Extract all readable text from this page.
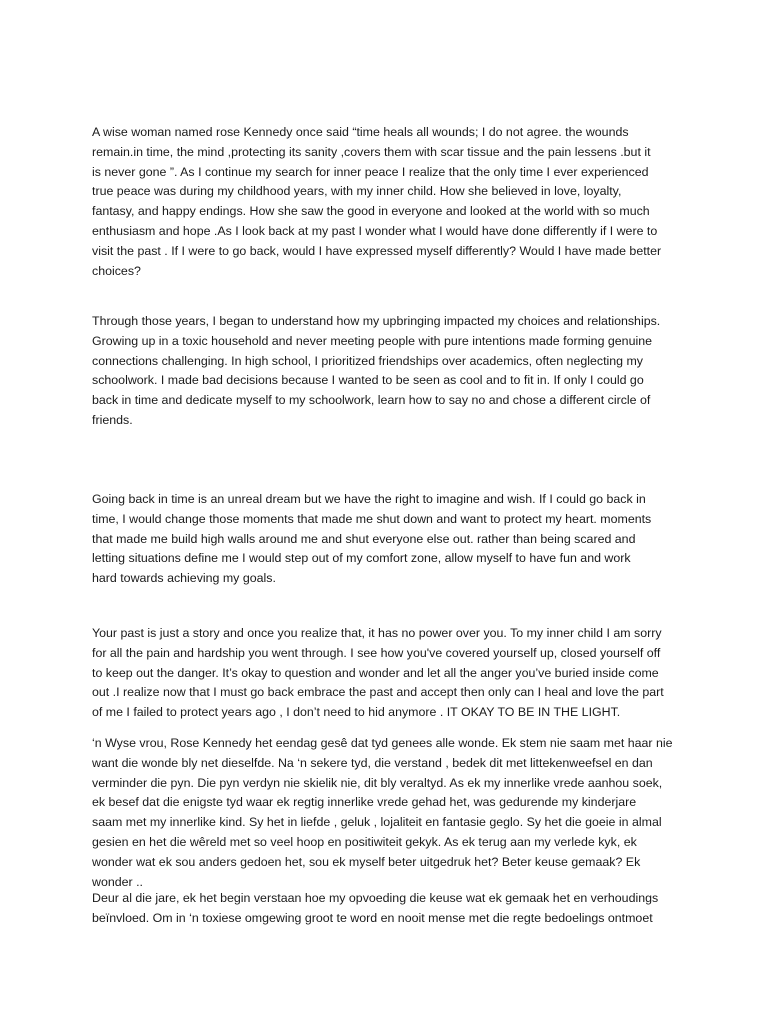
A wise woman named rose Kennedy once said “time heals all wounds; I do not agree. the wounds
remain.in time, the mind ,protecting its sanity ,covers them with scar tissue and the pain lessens .but it
is never gone ”. As I continue my search for inner peace I realize that the only time I ever experienced
true peace was during my childhood years, with my inner child. How she believed in love, loyalty,
fantasy, and happy endings. How she saw the good in everyone and looked at the world with so much
enthusiasm and hope .As I look back at my past I wonder what I would have done differently if I were to
visit the past . If I were to go back, would I have expressed myself differently? Would I have made better
choices?
Through those years, I began to understand how my upbringing impacted my choices and relationships.
Growing up in a toxic household and never meeting people with pure intentions made forming genuine
connections challenging. In high school, I prioritized friendships over academics, often neglecting my
schoolwork. I made bad decisions because I wanted to be seen as cool and to fit in. If only I could go
back in time and dedicate myself to my schoolwork, learn how to say no and chose a different circle of
friends.
Going back in time is an unreal dream but we have the right to imagine and wish. If I could go back in
time, I would change those moments that made me shut down and want to protect my heart. moments
that made me build high walls around me and shut everyone else out. rather than being scared and
letting situations define me I would step out of my comfort zone, allow myself to have fun and work
hard towards achieving my goals.
Your past is just a story and once you realize that, it has no power over you. To my inner child I am sorry
for all the pain and hardship you went through. I see how you've covered yourself up, closed yourself off
to keep out the danger. It’s okay to question and wonder and let all the anger you’ve buried inside come
out .I realize now that I must go back embrace the past and accept then only can I heal and love the part
of me I failed to protect years ago , I don’t need to hid anymore . IT OKAY TO BE IN THE LIGHT.
‘n Wyse vrou, Rose Kennedy het eendag gesê dat tyd genees alle wonde. Ek stem nie saam met haar nie
want die wonde bly net dieselfde. Na ‘n sekere tyd, die verstand , bedek dit met littekenweefsel en dan
verminder die pyn. Die pyn verdyn nie skielik nie, dit bly veraltyd. As ek my innerlike vrede aanhou soek,
ek besef dat die enigste tyd waar ek regtig innerlike vrede gehad het, was gedurende my kinderjare
saam met my innerlike kind. Sy het in liefde , geluk , lojaliteit en fantasie geglo. Sy het die goeie in almal
gesien en het die wêreld met so veel hoop en positiwiteit gekyk. As ek terug aan my verlede kyk, ek
wonder wat ek sou anders gedoen het, sou ek myself beter uitgedruk het? Beter keuse gemaak? Ek
wonder ..
Deur al die jare, ek het begin verstaan hoe my opvoeding die keuse wat ek gemaak het en verhoudings
beïnvloed. Om in ‘n toxiese omgewing groot te word en nooit mense met die regte bedoelings ontmoet
